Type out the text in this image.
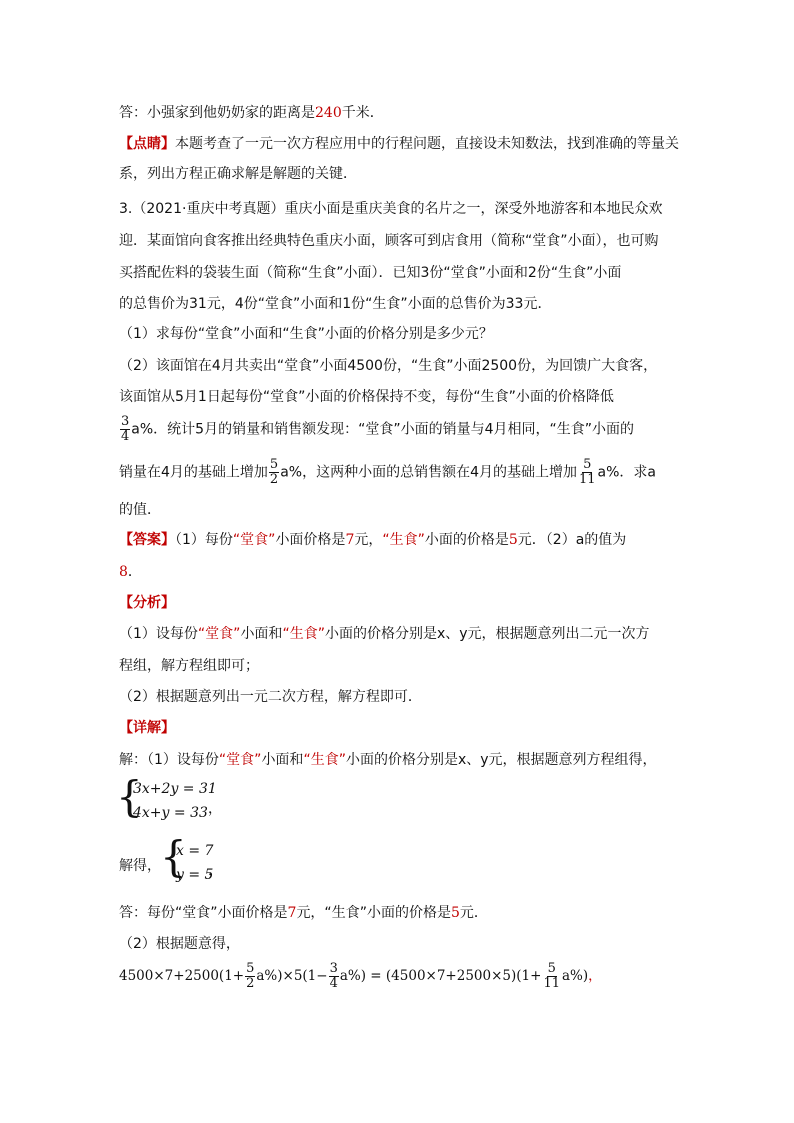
答：小强家到他奶奶家的距离是240千米．
【点睛】本题考查了一元一次方程应用中的行程问题，直接设未知数法，找到准确的等量关
系，列出方程正确求解是解题的关键．
3.（2021·重庆中考真题）重庆小面是重庆美食的名片之一，深受外地游客和本地民众欢
迎．某面馆向食客推出经典特色重庆小面，顾客可到店食用（简称“堂食”小面），也可购
买搭配佐料的袋装生面（简称“生食”小面）．已知3份“堂食”小面和2份“生食”小面
的总售价为31元，4份“堂食”小面和1份“生食”小面的总售价为33元．
（1）求每份“堂食”小面和“生食”小面的价格分别是多少元？
（2）该面馆在4月共卖出“堂食”小面4500份，“生食”小面2500份，为回馈广大食客，
该面馆从5月1日起每份“堂食”小面的价格保持不变，每份“生食”小面的价格降低
$\frac{3}{4} a\%$．统计5月的销量和销售额发现：“堂食”小面的销量与4月相同，“生食”小面的
销量在4月的基础上增加 $\frac{5}{2} a\%$，这两种小面的总销售额在4月的基础上增加 $\frac{5}{11} a\%$．求a
的值．
【答案】（1）每份“堂食”小面价格是7元，“生食”小面的价格是5元．（2）a的值为
8．
【分析】
（1）设每份“堂食”小面和“生食”小面的价格分别是x、y元，根据题意列出二元一次方
程组，解方程组即可；
（2）根据题意列出一元二次方程，解方程即可．
【详解】
解：（1）设每份“堂食”小面和“生食”小面的价格分别是x、y元，根据题意列方程组得，
{
3x+2y = 31
4x+y = 33 ，
解得， {
x = 7
y = 5
，
答：每份“堂食”小面价格是7元，“生食”小面的价格是5元．
（2）根据题意得，
$4500\times 7+2500(1+ \frac{5}{2} a\%)\times 5(1- \frac{3}{4} a\%) = (4500\times 7+2500\times 5)(1+ \frac{5}{11} a\%)$，
